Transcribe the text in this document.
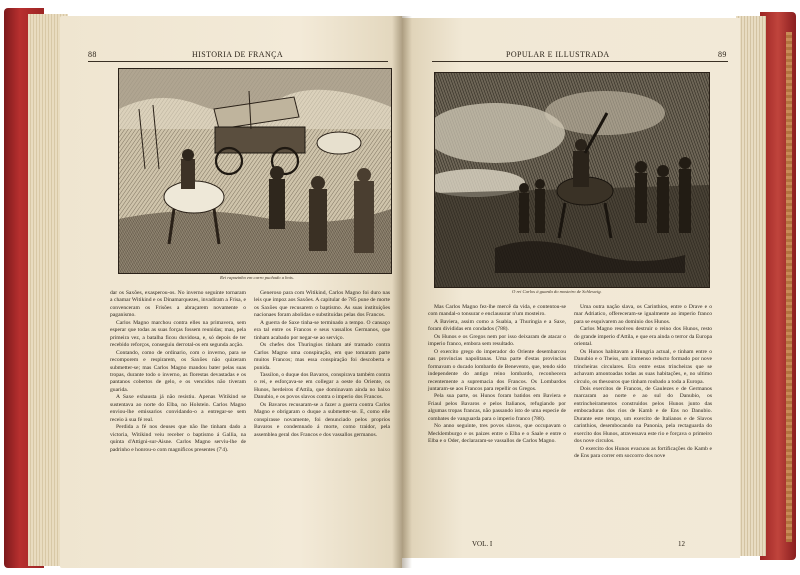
88	HISTORIA DE FRANÇA
Rei rapazinho em carro puchado a bois.

dar os Saxões, exasperou-os. No inverno seguinte tornaram a chamar Witikind e os Dinamarquezes, invadiram a Frisa, e convenceram os Frisões a abraçarem novamente o paganismo.

Carlos Magno marchou contra elles na primavera, sem esperar que todas as suas forças fossem reunidas; mas, pela primeira vez, a batalha ficou duvidosa, e, só depois de ter recebido reforços, conseguiu derrotal-os em segunda acção.

Contando, como de ordinario, com o inverno, para se recomporem e respirarem, os Saxões não quizeram submetter-se; mas Carlos Magno mandou bater pelas suas tropas, durante todo o inverno, as florestas devastadas e os pantanos cobertos de gelo, e os vencidos não tiveram guarida.

A Saxe exhausta já não resistiu. Apenas Witikind se sustentava ao norte do Elba, no Holstein. Carlos Magno enviou-lhe emissarios convidando-o a entregar-se sem receio à sua fé real.

Perdida a fé nos deuses que não lhe tinham dado a victoria, Witikind veiu receber o baptismo á Gallia, na quinta d'Attigni-sur-Aisne. Carlos Magno serviu-lhe de padrinho e honrou-o com magnificos presentes (7'4).

Generoso para com Witikind, Carlos Magno foi duro nas leis que impoz aos Saxões. A capitular de 785 pune de morte os Saxões que recusarem o baptismo. As suas instituições nacionaes foram abolidas e substituidas pelas dos Francos.

A guerra de Saxe tinha-se terminado a tempo. O cansaço era tal entre os Francos e seus vassallos Germanos, que tinham acabado por negar-se ao serviço.

Os chefes dos Thuringios tinham até tramado contra Carlos Magno uma conspiração, em que tomaram parte muitos Francos; mas essa conspiração foi descoberta e punida.

Tassilon, o duque dos Bavaros, conspirava também contra o rei, e esforçava-se em collegar a oeste do Oriente, os Hunos, herdeiros d'Attila, que dominavam ainda no baixo Danubio, e os povos slavos contra o imperio dos Francos.

Os Bavaros recusaram-se a fazer a guerra contra Carlos Magno e obrigaram o duque a submetter-se. E, como elle conspirasse novamente, foi denunciado pelos proprios Bavaros e condemnado á morte, como traidor, pela assemblea geral dos Francos e dos vassallos germanos.

POPULAR E ILLUSTRADA	89
O rei Carlos á guarda do mosteiro de Schleswig.

Mas Carlos Magno fez-lhe mercê da vida, e contentou-se com mandal-o tonsurar e enclausurar n'um mosteiro.

A Baviera, assim como a Suabia, a Thuringia e a Saxe, foram divididas em condados (788).

Os Hunos e os Gregos nem por isso deixaram de atacar o imperio franco, embora sem resultado.

O exercito grego do imperador do Oriente desembarcou nas provincias napolitanas. Uma parte d'estas provincias formavam o ducado lombardo de Benevento, que, tendo sido independente do antigo reino lombardo, reconhecera recentemente a supremacia dos Francos. Os Lombardos juntaram-se aos Francos para repellir os Gregos.

Pela sua parte, os Hunos foram batidos em Baviera e Friaul pelos Bavaros e pelos Italianos, refugiando por algumas tropas francas, não passando isto de uma especie de combates de vanguarda para o imperio franco (788).

No anno seguinte, tres povos slavos, que occupavam o Mecklemburgo e os paizes entre o Elba e o Saale e entre o Elba e o Oder, declararam-se vassallos de Carlos Magno.

Uma outra nação slava, os Carinthios, entre o Drave e o mar Adriatico, offereceram-se igualmente ao imperio franco para se esquivarem ao dominio dos Hunos.

Carlos Magno resolveu destruir o reino dos Hunos, resto do grande imperio d'Attila, e que era ainda o terror da Europa oriental.

Os Hunos habitavam a Hungria actual, e tinham entre o Danubio e o Theiss, um immenso reducto formado por nove trincheiras circulares. Era entre estas trincheiras que se achavam amontoadas todas as suas habitações, e, no ultimo circulo, os thesouros que tinham roubado a toda a Europa.

Dois exercitos de Francos, de Gaulezes e de Germanos marcaram ao norte e ao sul do Danubio, os entrincheiramentos construidos pelos Hunos junto das embocaduras dos rios de Kamb e de Ens no Danubio. Durante este tempo, um exercito de Italianos e de Slavos carinthios, desembocando na Panonia, pela rectaguarda do exercito dos Hunos, atravessava este rio e forçava o primeiro dos nove circulos.

O exercito dos Hunos evacuou as fortificações do Kamb e de Ens para correr em soccorro dos nove

VOL. I	12
